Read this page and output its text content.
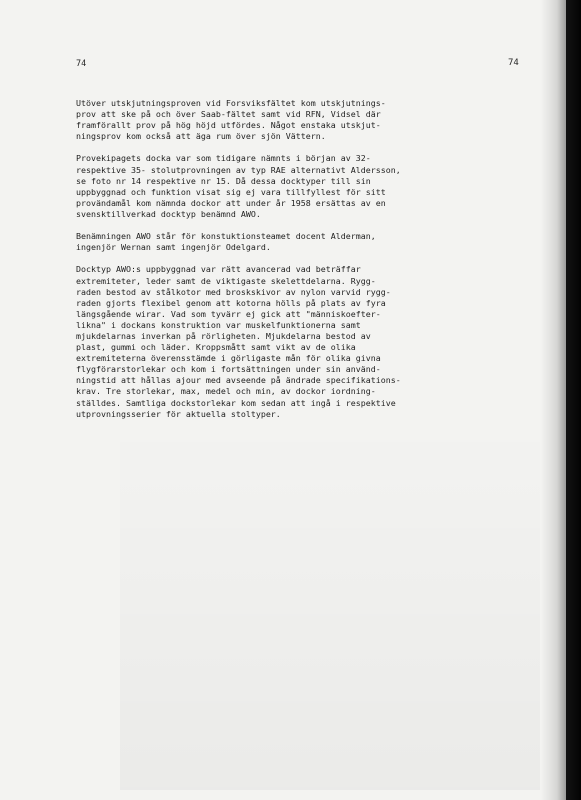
74	74
Utöver utskjutningsproven vid Forsviksfältet kom utskjutnings-
prov att ske på och över Saab-fältet samt vid RFN, Vidsel där
framförallt prov på hög höjd utfördes. Något enstaka utskjut-
ningsprov kom också att äga rum över sjön Vättern.
Provekipagets docka var som tidigare nämnts i början av 32-
respektive 35- stolutprovningen av typ RAE alternativt Aldersson,
se foto nr 14 respektive nr 15. Då dessa docktyper till sin
uppbyggnad och funktion visat sig ej vara tillfyllest för sitt
provändamål kom nämnda dockor att under år 1958 ersättas av en
svensktillverkad docktyp benämnd AWO.
Benämningen AWO står för konstuktionsteamet docent Alderman,
ingenjör Wernan samt ingenjör Odelgard.
Docktyp AWO:s uppbyggnad var rätt avancerad vad beträffar
extremiteter, leder samt de viktigaste skelettdelarna. Rygg-
raden bestod av stålkotor med broskskivor av nylon varvid rygg-
raden gjorts flexibel genom att kotorna hölls på plats av fyra
längsgående wirar. Vad som tyvärr ej gick att "människoefter-
likna" i dockans konstruktion var muskelfunktionerna samt
mjukdelarnas inverkan på rörligheten. Mjukdelarna bestod av
plast, gummi och läder. Kroppsmått samt vikt av de olika
extremiteterna överensstämde i görligaste mån för olika givna
flygförarstorlekar och kom i fortsättningen under sin använd-
ningstid att hållas ajour med avseende på ändrade specifikations-
krav. Tre storlekar, max, medel och min, av dockor iordning-
ställdes. Samtliga dockstorlekar kom sedan att ingå i respektive
utprovningsserier för aktuella stoltyper.
